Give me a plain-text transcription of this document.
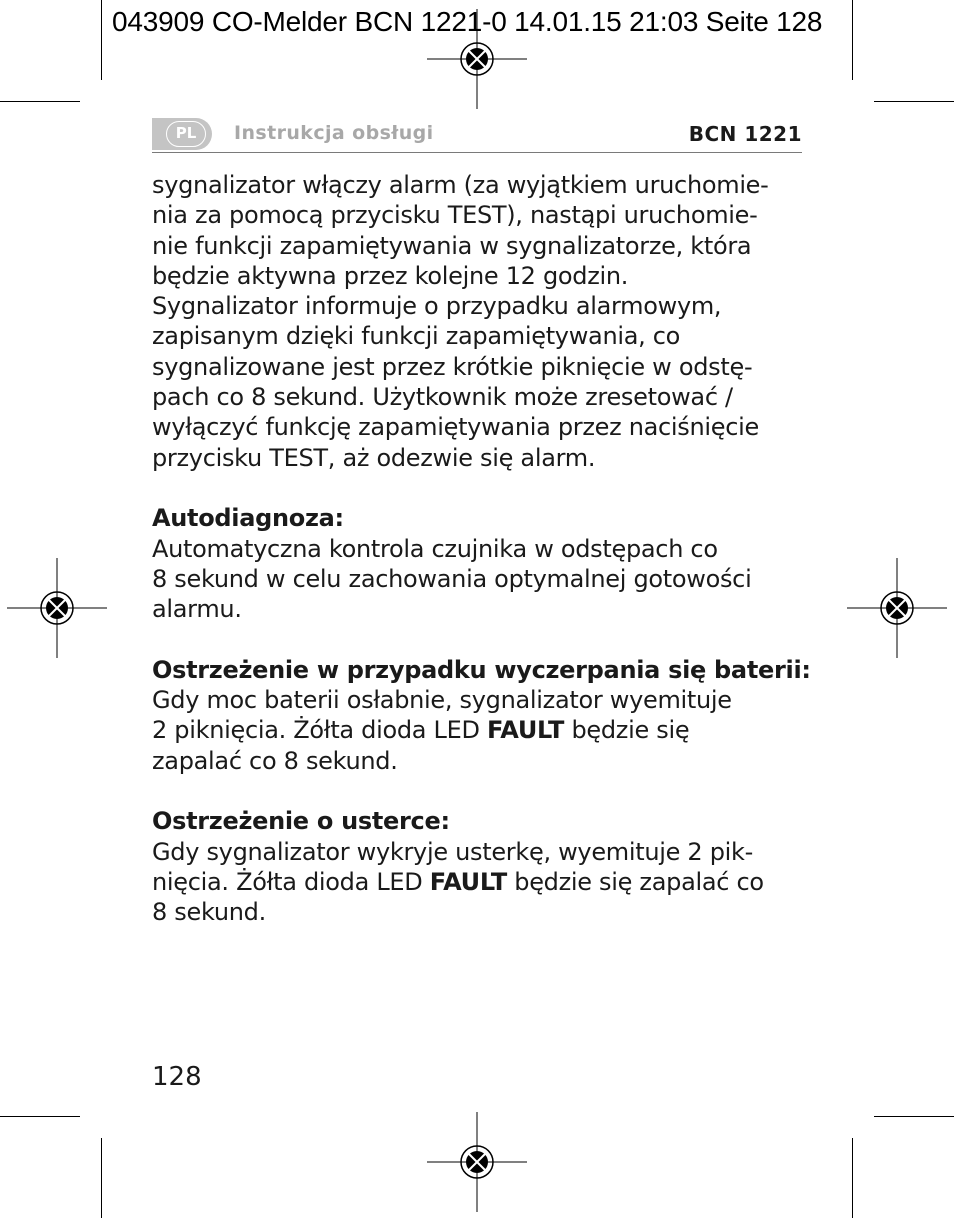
043909 CO-Melder BCN 1221-0 14.01.15 21:03 Seite 128
PL	Instrukcja obsługi	BCN 1221
sygnalizator włączy alarm (za wyjątkiem uruchomie-
nia za pomocą przycisku TEST), nastąpi uruchomie-
nie funkcji zapamiętywania w sygnalizatorze, która
będzie aktywna przez kolejne 12 godzin.
Sygnalizator informuje o przypadku alarmowym,
zapisanym dzięki funkcji zapamiętywania, co
sygnalizowane jest przez krótkie piknięcie w odstę-
pach co 8 sekund. Użytkownik może zresetować /
wyłączyć funkcję zapamiętywania przez naciśnięcie
przycisku TEST, aż odezwie się alarm.
Autodiagnoza:
Automatyczna kontrola czujnika w odstępach co
8 sekund w celu zachowania optymalnej gotowości
alarmu.
Ostrzeżenie w przypadku wyczerpania się baterii:
Gdy moc baterii osłabnie, sygnalizator wyemituje
2 piknięcia. Żółta dioda LED FAULT będzie się
zapalać co 8 sekund.
Ostrzeżenie o usterce:
Gdy sygnalizator wykryje usterkę, wyemituje 2 pik-
nięcia. Żółta dioda LED FAULT będzie się zapalać co
8 sekund.
128
